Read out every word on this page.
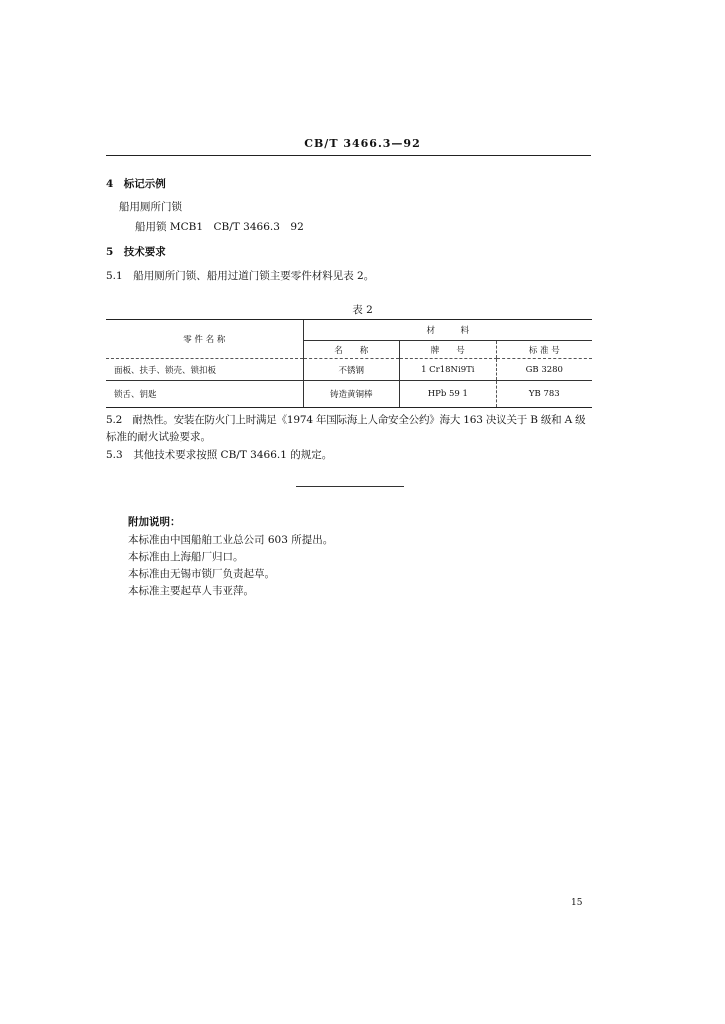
CB/T 3466.3—92
4　标记示例
船用厕所门锁
船用锁 MCB1　CB/T 3466.3　92
5　技术要求
5.1　船用厕所门锁、船用过道门锁主要零件材料见表 2。
表 2
零 件 名 称	材　　　料		
	名　　称	牌　　号	标 准 号
面板、扶手、锁壳、锁扣板	不锈钢	1 Cr18Ni9Ti	GB 3280
锁舌、钥匙	铸造黄铜棒	HPb 59 1	YB 783
5.2　耐热性。安装在防火门上时满足《1974 年国际海上人命安全公约》海大 163 决议关于 B 级和 A 级
标准的耐火试验要求。
5.3　其他技术要求按照 CB/T 3466.1 的规定。
附加说明：
本标准由中国船舶工业总公司 603 所提出。
本标准由上海船厂归口。
本标准由无锡市锁厂负责起草。
本标准主要起草人韦亚萍。
15
